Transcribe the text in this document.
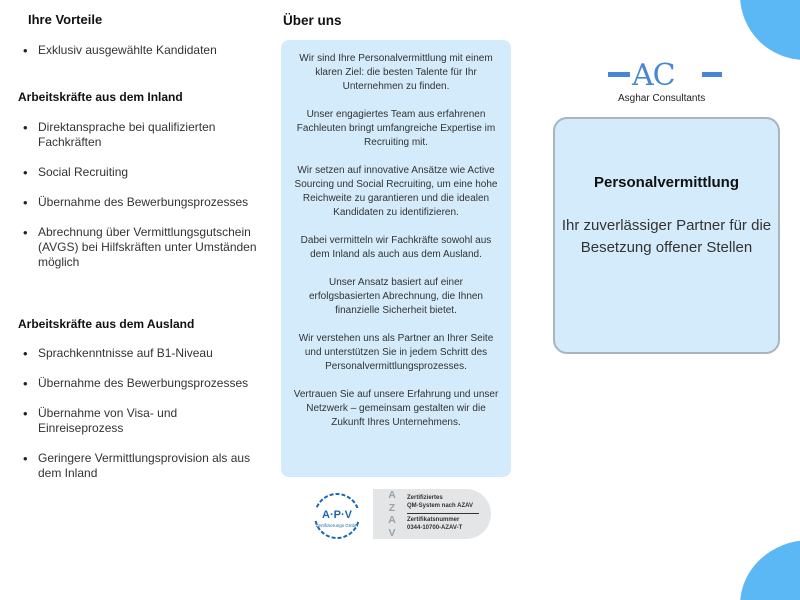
Ihre Vorteile
• Exklusiv ausgewählte Kandidaten
Arbeitskräfte aus dem Inland
• Direktansprache bei qualifizierten Fachkräften
• Social Recruiting
• Übernahme des Bewerbungsprozesses
• Abrechnung über Vermittlungsgutschein (AVGS) bei Hilfskräften unter Umständen möglich
Arbeitskräfte aus dem Ausland
• Sprachkenntnisse auf B1-Niveau
• Übernahme des Bewerbungsprozesses
• Übernahme von Visa- und Einreiseprozess
• Geringere Vermittlungsprovision als aus dem Inland
Über uns

Wir sind Ihre Personalvermittlung mit einem klaren Ziel: die besten Talente für Ihr Unternehmen zu finden.

Unser engagiertes Team aus erfahrenen Fachleuten bringt umfangreiche Expertise im Recruiting mit.

Wir setzen auf innovative Ansätze wie Active Sourcing und Social Recruiting, um eine hohe Reichweite zu garantieren und die idealen Kandidaten zu identifizieren.

Dabei vermitteln wir Fachkräfte sowohl aus dem Inland als auch aus dem Ausland.

Unser Ansatz basiert auf einer erfolgsbasierten Abrechnung, die Ihnen finanzielle Sicherheit bietet.

Wir verstehen uns als Partner an Ihrer Seite und unterstützen Sie in jedem Schritt des Personalvermittlungsprozesses.

Vertrauen Sie auf unsere Erfahrung und unser Netzwerk – gemeinsam gestalten wir die Zukunft Ihres Unternehmens.

A·P·V
Zertifizierungs GmbH
A
Z
A
V
Zertifiziertes
QM-System nach AZAV
Zertifikatsnummer
0344-10700-AZAV-T
AC
Asghar Consultants
Personalvermittlung
Ihr zuverlässiger Partner für die Besetzung offener Stellen
